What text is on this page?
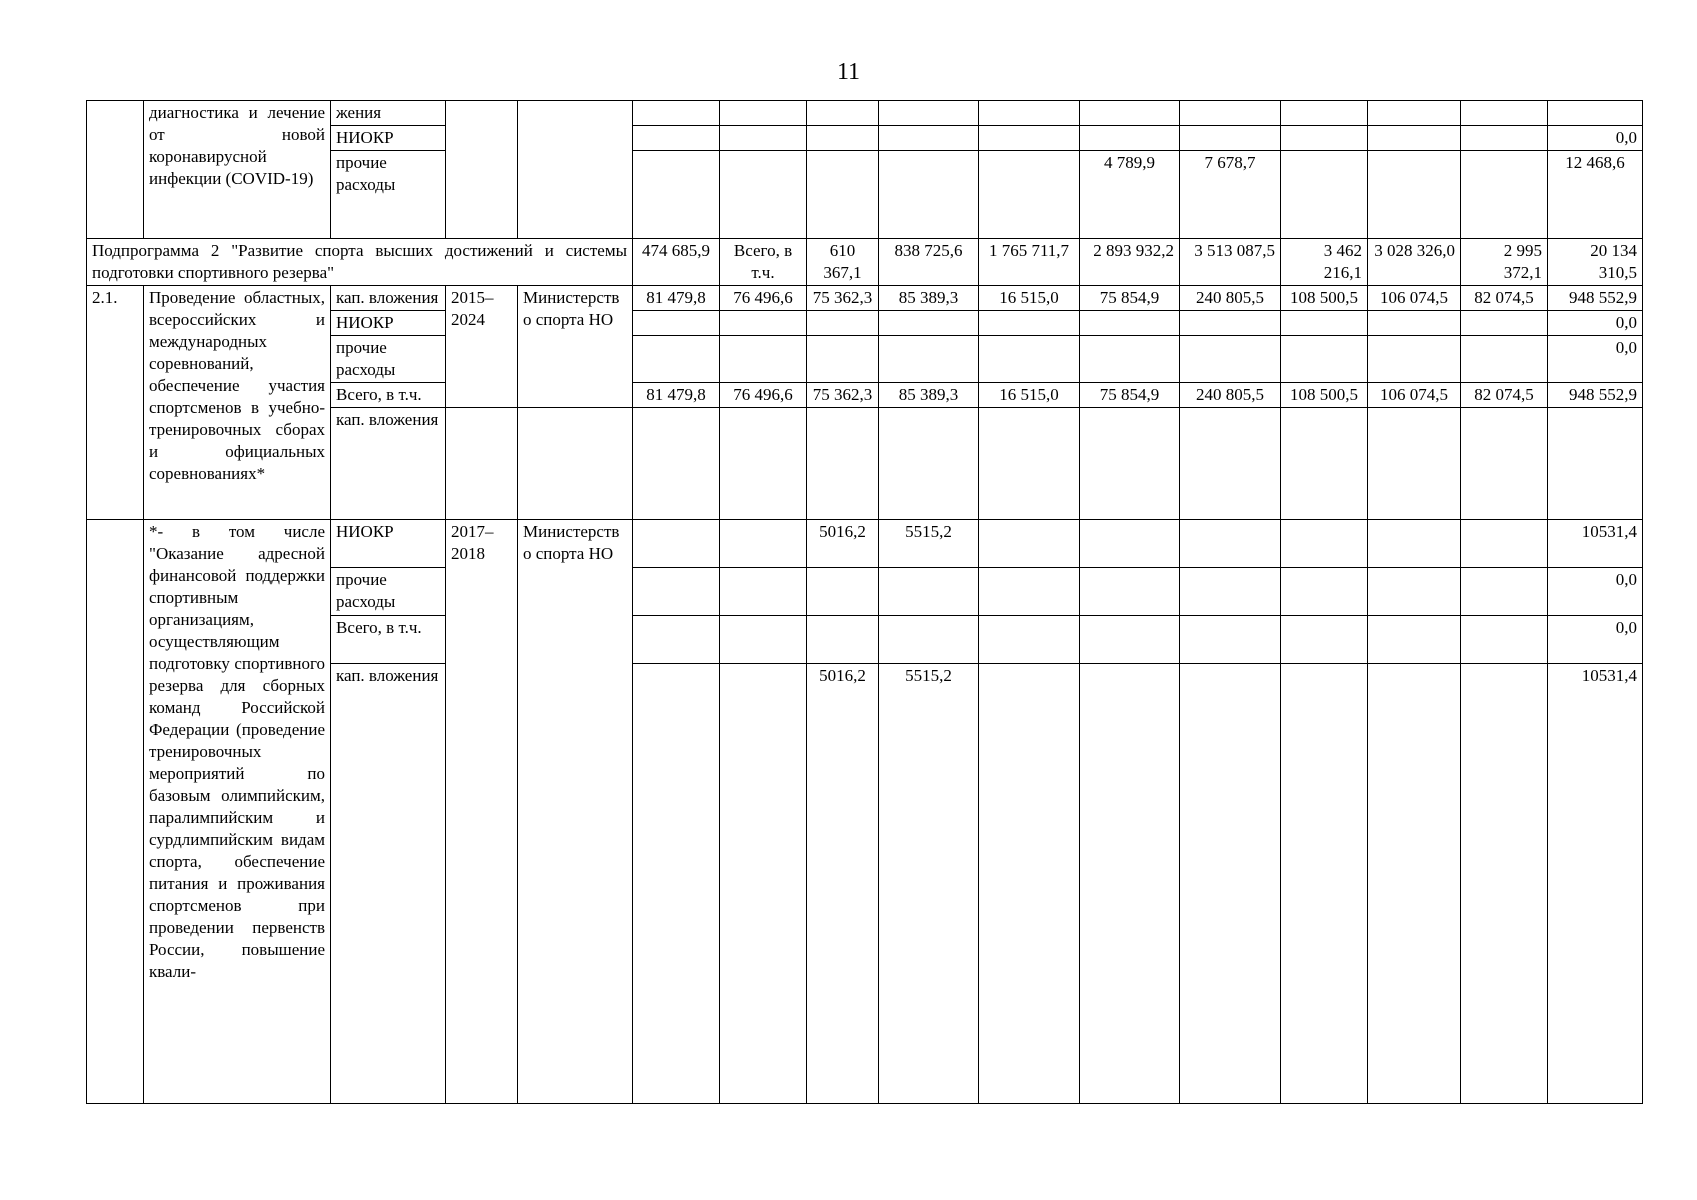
11
	диагностика и лечение от новой коронавирусной инфекции (COVID-19)	жения													
		НИОКР													0,0
		прочие расходы								4 789,9	7 678,7				12 468,6
Подпрограмма 2 "Развитие спорта высших достижений и системы подготовки спортивного резерва"					474 685,9	Всего, в т.ч.	610 367,1	838 725,6	1 765 711,7	2 893 932,2	3 513 087,5	3 462 216,1	3 028 326,0	2 995 372,1	20 134 310,5
2.1.	Проведение областных, всероссийских и международных соревнований, обеспечение участия спортсменов в учебно-тренировочных сборах и официальных соревнованиях*	кап. вложения	2015–2024	Министерство спорта НО	81 479,8	76 496,6	75 362,3	85 389,3	16 515,0	75 854,9	240 805,5	108 500,5	106 074,5	82 074,5	948 552,9
		НИОКР													0,0
		прочие расходы													0,0
		Всего, в т.ч.			81 479,8	76 496,6	75 362,3	85 389,3	16 515,0	75 854,9	240 805,5	108 500,5	106 074,5	82 074,5	948 552,9
		кап. вложения													
	*- в том числе "Оказание адресной финансовой поддержки спортивным организациям, осуществляющим подготовку спортивного резерва для сборных команд Российской Федерации (проведение тренировочных мероприятий по базовым олимпийским, паралимпийским и сурдлимпийским видам спорта, обеспечение питания и проживания спортсменов при проведении первенств России, повышение квали-	НИОКР	2017–2018	Министерство спорта НО			5016,2	5515,2							10531,4
		прочие расходы													0,0
		Всего, в т.ч.													0,0
		кап. вложения					5016,2	5515,2							10531,4
